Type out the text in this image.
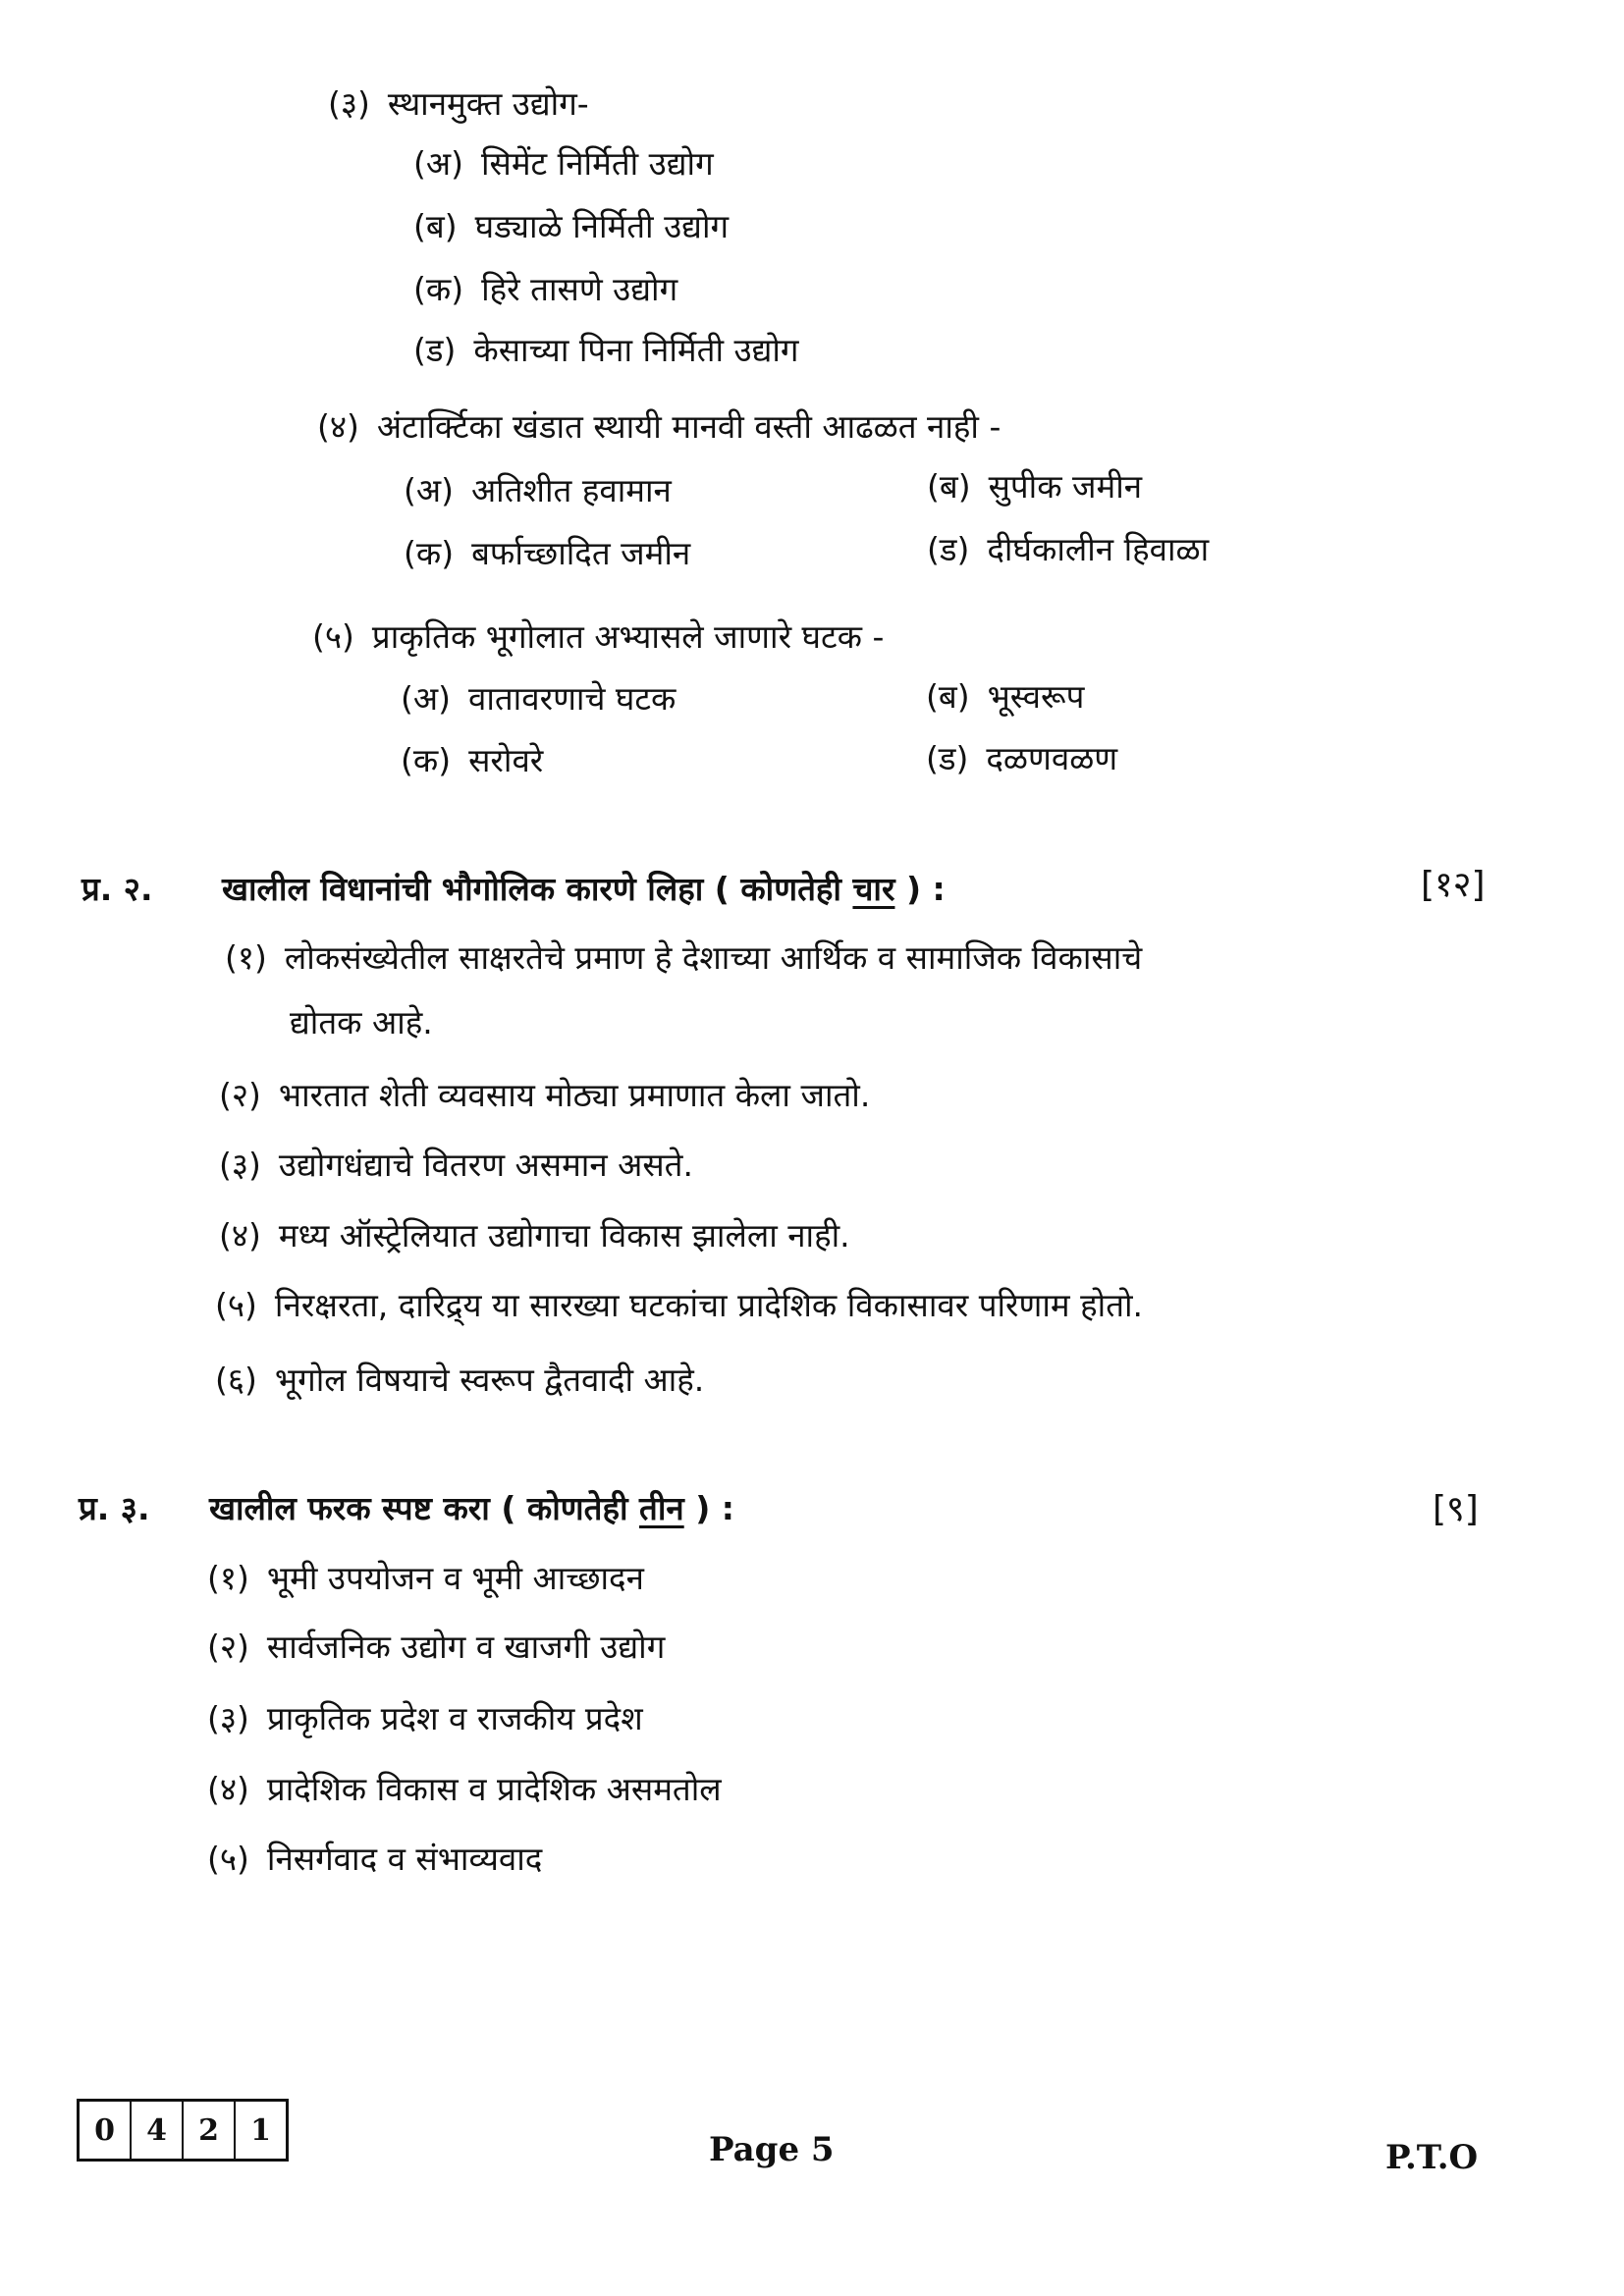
(३) स्थानमुक्त उद्योग-
(अ) सिमेंट निर्मिती उद्योग
(ब) घड्याळे निर्मिती उद्योग
(क) हिरे तासणे उद्योग
(ड) केसाच्या पिना निर्मिती उद्योग
(४) अंटार्क्टिका खंडात स्थायी मानवी वस्ती आढळत नाही -
(अ) अतिशीत हवामान	(ब) सुपीक जमीन
(क) बर्फाच्छादित जमीन	(ड) दीर्घकालीन हिवाळा
(५) प्राकृतिक भूगोलात अभ्यासले जाणारे घटक -
(अ) वातावरणाचे घटक	(ब) भूस्वरूप
(क) सरोवरे	(ड) दळणवळण
प्र. २. खालील विधानांची भौगोलिक कारणे लिहा ( कोणतेही चार ) :	[१२]
(१) लोकसंख्येतील साक्षरतेचे प्रमाण हे देशाच्या आर्थिक व सामाजिक विकासाचे
द्योतक आहे.
(२) भारतात शेती व्यवसाय मोठ्या प्रमाणात केला जातो.
(३) उद्योगधंद्याचे वितरण असमान असते.
(४) मध्य ऑस्ट्रेलियात उद्योगाचा विकास झालेला नाही.
(५) निरक्षरता, दारिद्र्य या सारख्या घटकांचा प्रादेशिक विकासावर परिणाम होतो.
(६) भूगोल विषयाचे स्वरूप द्वैतवादी आहे.
प्र. ३. खालील फरक स्पष्ट करा ( कोणतेही तीन ) :	[९]
(१) भूमी उपयोजन व भूमी आच्छादन
(२) सार्वजनिक उद्योग व खाजगी उद्योग
(३) प्राकृतिक प्रदेश व राजकीय प्रदेश
(४) प्रादेशिक विकास व प्रादेशिक असमतोल
(५) निसर्गवाद व संभाव्यवाद
0	4	2	1	Page 5	P.T.O
